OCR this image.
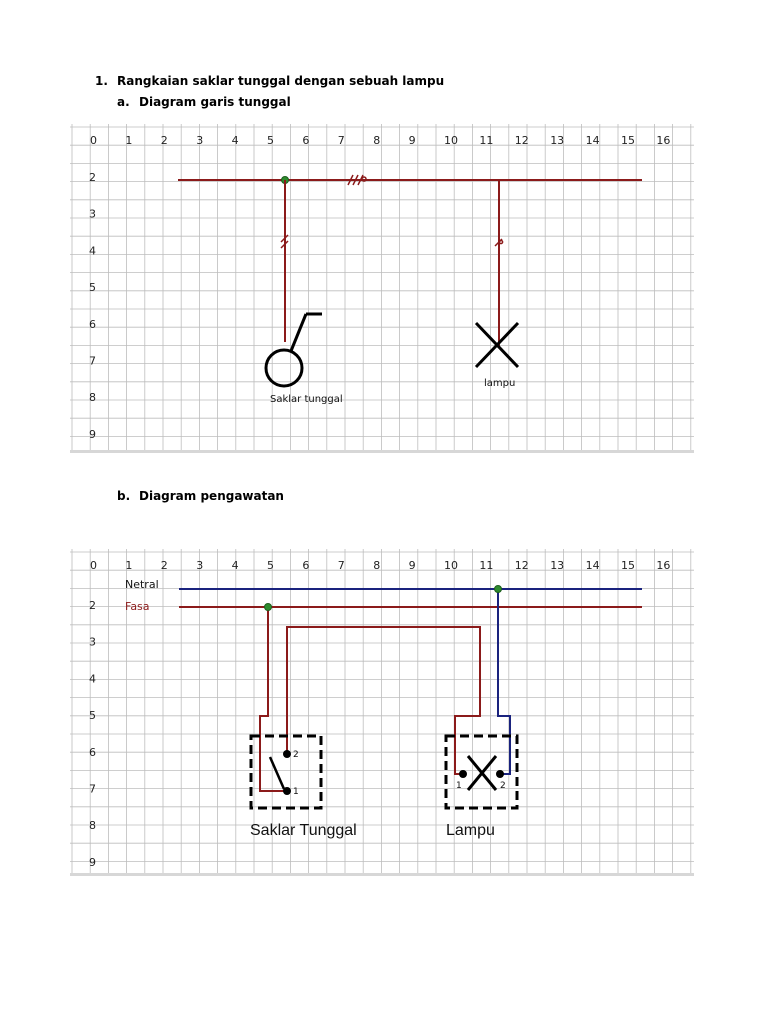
1. Rangkaian saklar tunggal dengan sebuah lampu
a. Diagram garis tunggal
b. Diagram pengawatan
0	1	2	3	4	5	6	7	8	9	10 11 12 13 14 15 16
2
3
4
5
6
7
8
9
Saklar tunggal
lampu
0	1	2	3	4	5	6	7	8	9	10 11 12 13 14 15 16
2
3
4
5
6
7
8
9
Netral
Fasa
2
1
1	2
Saklar Tunggal	Lampu
